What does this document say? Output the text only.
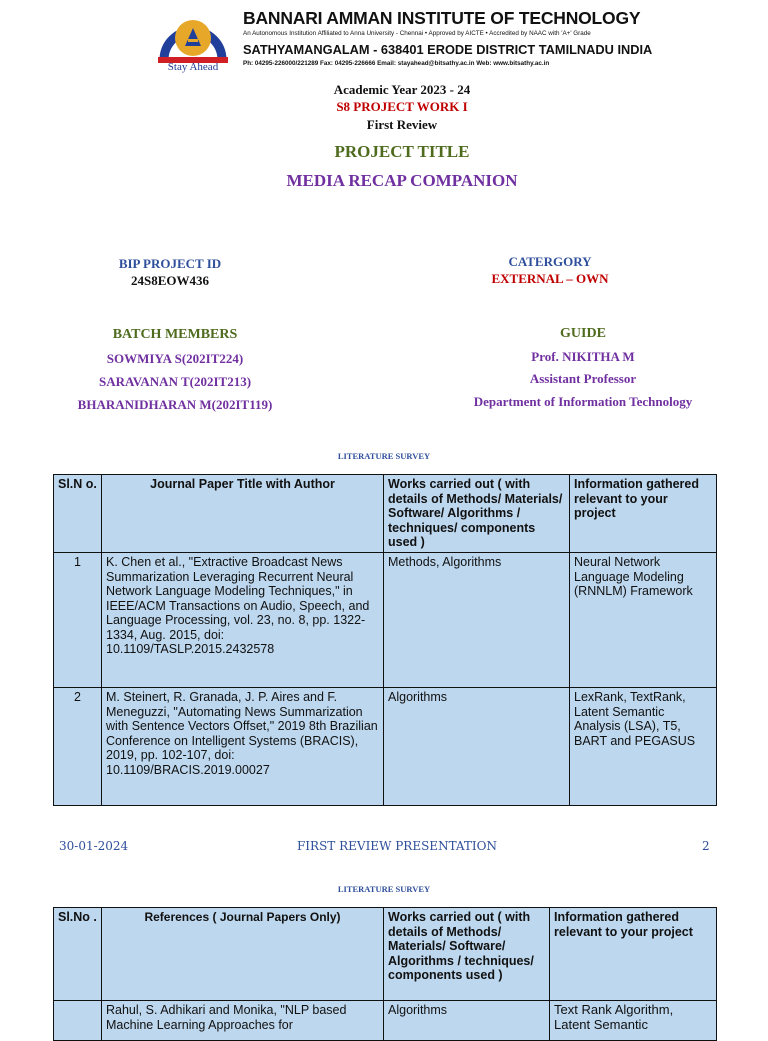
Stay Ahead
BANNARI AMMAN INSTITUTE OF TECHNOLOGY
An Autonomous Institution Affiliated to Anna University - Chennai • Approved by AICTE • Accredited by NAAC with 'A+' Grade
SATHYAMANGALAM - 638401 ERODE DISTRICT TAMILNADU INDIA
Ph: 04295-226000/221289 Fax: 04295-226666 Email: stayahead@bitsathy.ac.in Web: www.bitsathy.ac.in
Academic Year 2023 - 24
S8 PROJECT WORK I
First Review
PROJECT TITLE
MEDIA RECAP COMPANION
BIP PROJECT ID
24S8EOW436
CATERGORY
EXTERNAL – OWN
BATCH MEMBERS
SOWMIYA S(202IT224)
SARAVANAN T(202IT213)
BHARANIDHARAN M(202IT119)
GUIDE
Prof. NIKITHA M
Assistant Professor
Department of Information Technology
LITERATURE SURVEY
Sl.N o.	Journal Paper Title with Author	Works carried out ( with details of Methods/ Materials/ Software/ Algorithms / techniques/ components used )	Information gathered relevant to your project
1	K. Chen et al., "Extractive Broadcast News Summarization Leveraging Recurrent Neural Network Language Modeling Techniques," in IEEE/ACM Transactions on Audio, Speech, and Language Processing, vol. 23, no. 8, pp. 1322-1334, Aug. 2015, doi: 10.1109/TASLP.2015.2432578	Methods, Algorithms	Neural Network Language Modeling (RNNLM) Framework
2	M. Steinert, R. Granada, J. P. Aires and F. Meneguzzi, "Automating News Summarization with Sentence Vectors Offset," 2019 8th Brazilian Conference on Intelligent Systems (BRACIS), 2019, pp. 102-107, doi: 10.1109/BRACIS.2019.00027	Algorithms	LexRank, TextRank, Latent Semantic Analysis (LSA), T5, BART and PEGASUS
30-01-2024	FIRST REVIEW PRESENTATION	2
LITERATURE SURVEY
Sl.No .	References ( Journal Papers Only)	Works carried out ( with details of Methods/ Materials/ Software/ Algorithms / techniques/ components used )	Information gathered relevant to your project
	Rahul, S. Adhikari and Monika, "NLP based Machine Learning Approaches for	Algorithms	Text Rank Algorithm, Latent Semantic
